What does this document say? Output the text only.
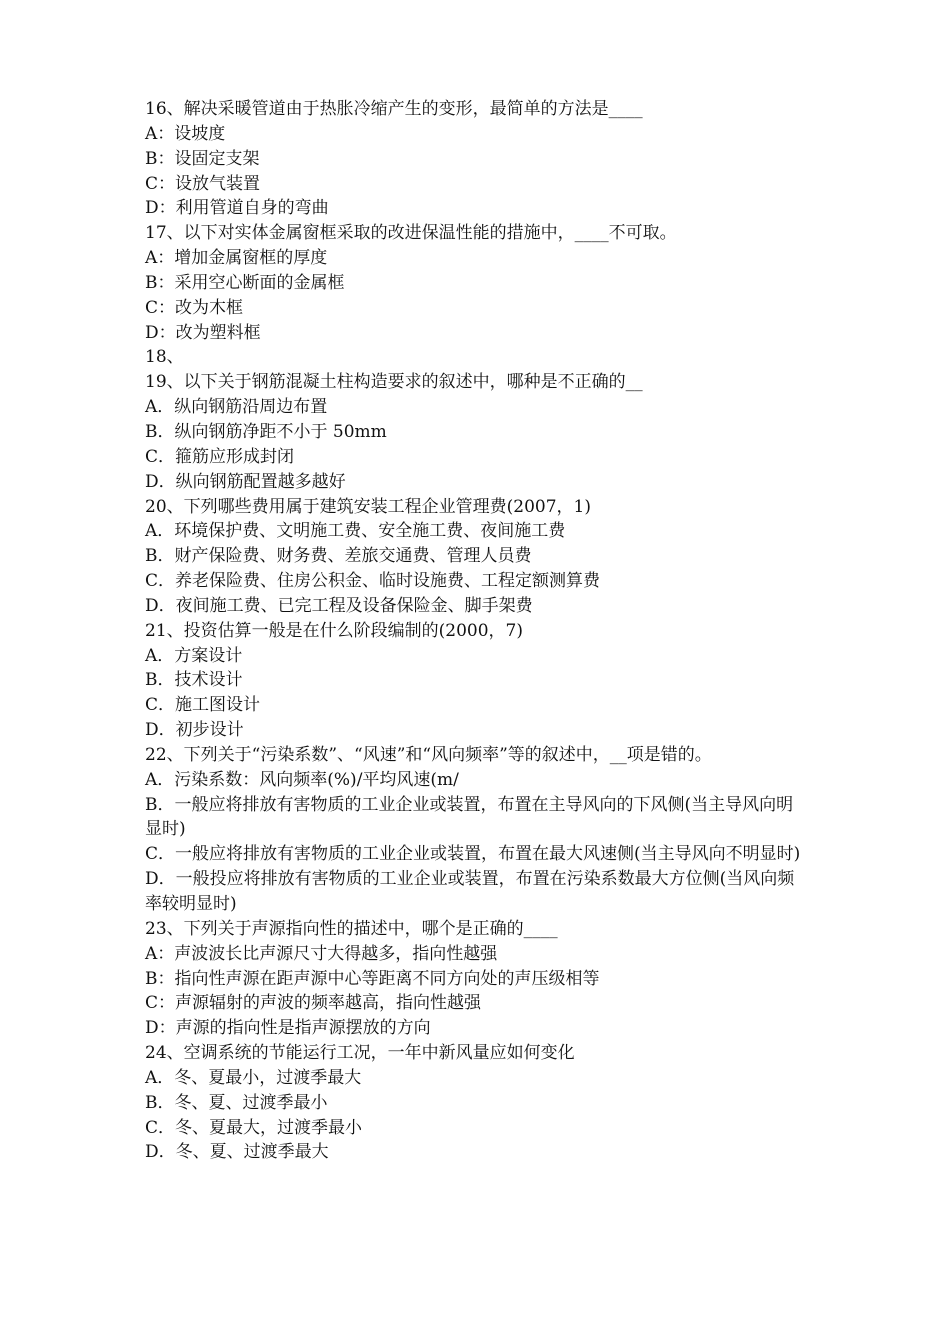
16、解决采暖管道由于热胀冷缩产生的变形，最简单的方法是____
A：设坡度
B：设固定支架
C：设放气装置
D：利用管道自身的弯曲
17、以下对实体金属窗框采取的改进保温性能的措施中，____不可取。
A：增加金属窗框的厚度
B：采用空心断面的金属框
C：改为木框
D：改为塑料框
18、
19、以下关于钢筋混凝土柱构造要求的叙述中，哪种是不正确的__
A．纵向钢筋沿周边布置
B．纵向钢筋净距不小于 50mm
C．箍筋应形成封闭
D．纵向钢筋配置越多越好
20、下列哪些费用属于建筑安装工程企业管理费(2007，1)
A．环境保护费、文明施工费、安全施工费、夜间施工费
B．财产保险费、财务费、差旅交通费、管理人员费
C．养老保险费、住房公积金、临时设施费、工程定额测算费
D．夜间施工费、已完工程及设备保险金、脚手架费
21、投资估算一般是在什么阶段编制的(2000，7)
A．方案设计
B．技术设计
C．施工图设计
D．初步设计
22、下列关于“污染系数”、“风速”和“风向频率”等的叙述中，__项是错的。
A．污染系数：风向频率(%)/平均风速(m/
B．一般应将排放有害物质的工业企业或装置，布置在主导风向的下风侧(当主导风向明显时)
C．一般应将排放有害物质的工业企业或装置，布置在最大风速侧(当主导风向不明显时)
D．一般投应将排放有害物质的工业企业或装置，布置在污染系数最大方位侧(当风向频率较明显时)
23、下列关于声源指向性的描述中，哪个是正确的____
A：声波波长比声源尺寸大得越多，指向性越强
B：指向性声源在距声源中心等距离不同方向处的声压级相等
C：声源辐射的声波的频率越高，指向性越强
D：声源的指向性是指声源摆放的方向
24、空调系统的节能运行工况，一年中新风量应如何变化
A．冬、夏最小，过渡季最大
B．冬、夏、过渡季最小
C．冬、夏最大，过渡季最小
D．冬、夏、过渡季最大
